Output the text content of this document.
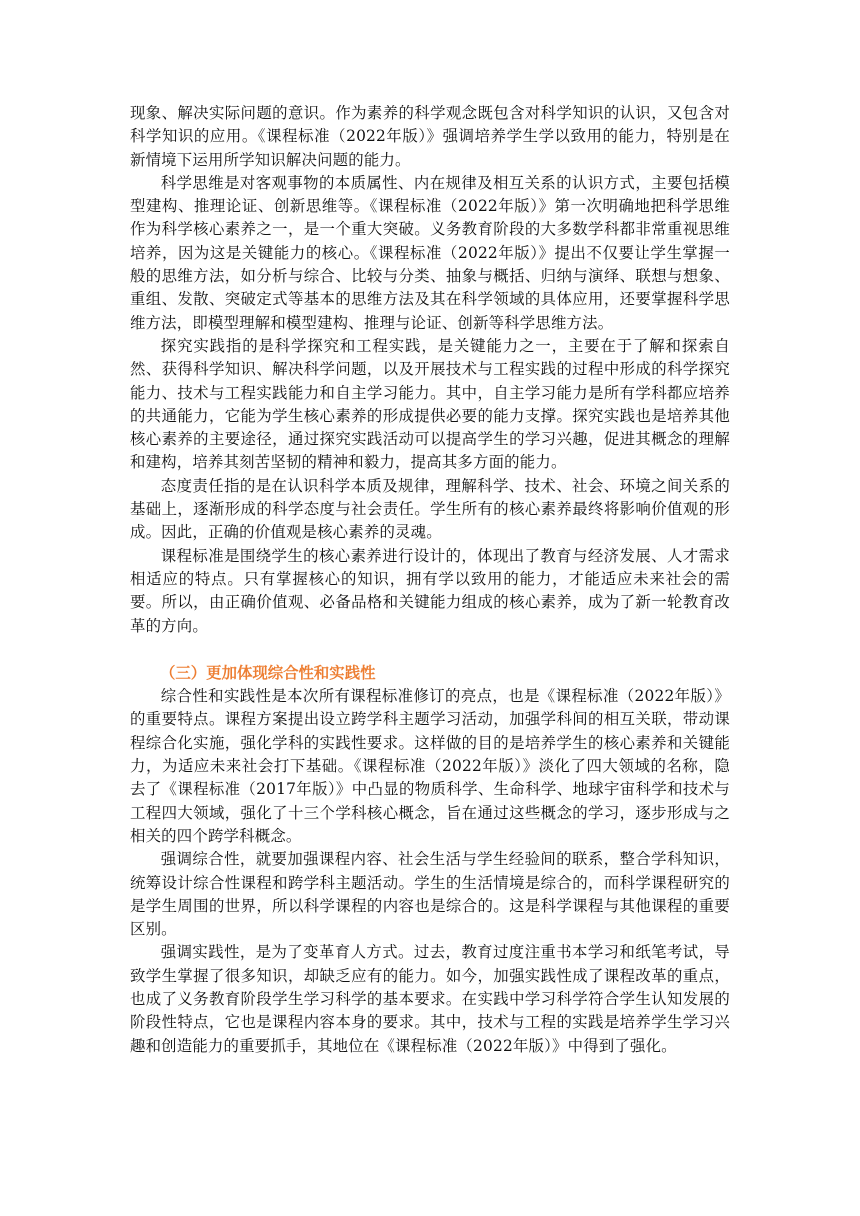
现象、解决实际问题的意识。作为素养的科学观念既包含对科学知识的认识，又包含对科学知识的应用。《课程标准（2022年版）》强调培养学生学以致用的能力，特别是在新情境下运用所学知识解决问题的能力。

科学思维是对客观事物的本质属性、内在规律及相互关系的认识方式，主要包括模型建构、推理论证、创新思维等。《课程标准（2022年版）》第一次明确地把科学思维作为科学核心素养之一，是一个重大突破。义务教育阶段的大多数学科都非常重视思维培养，因为这是关键能力的核心。《课程标准（2022年版）》提出不仅要让学生掌握一般的思维方法，如分析与综合、比较与分类、抽象与概括、归纳与演绎、联想与想象、重组、发散、突破定式等基本的思维方法及其在科学领域的具体应用，还要掌握科学思维方法，即模型理解和模型建构、推理与论证、创新等科学思维方法。

探究实践指的是科学探究和工程实践，是关键能力之一，主要在于了解和探索自然、获得科学知识、解决科学问题，以及开展技术与工程实践的过程中形成的科学探究能力、技术与工程实践能力和自主学习能力。其中，自主学习能力是所有学科都应培养的共通能力，它能为学生核心素养的形成提供必要的能力支撑。探究实践也是培养其他核心素养的主要途径，通过探究实践活动可以提高学生的学习兴趣，促进其概念的理解和建构，培养其刻苦坚韧的精神和毅力，提高其多方面的能力。

态度责任指的是在认识科学本质及规律，理解科学、技术、社会、环境之间关系的基础上，逐渐形成的科学态度与社会责任。学生所有的核心素养最终将影响价值观的形成。因此，正确的价值观是核心素养的灵魂。

课程标准是围绕学生的核心素养进行设计的，体现出了教育与经济发展、人才需求相适应的特点。只有掌握核心的知识，拥有学以致用的能力，才能适应未来社会的需要。所以，由正确价值观、必备品格和关键能力组成的核心素养，成为了新一轮教育改革的方向。

（三）更加体现综合性和实践性

综合性和实践性是本次所有课程标准修订的亮点，也是《课程标准（2022年版）》的重要特点。课程方案提出设立跨学科主题学习活动，加强学科间的相互关联，带动课程综合化实施，强化学科的实践性要求。这样做的目的是培养学生的核心素养和关键能力，为适应未来社会打下基础。《课程标准（2022年版）》淡化了四大领域的名称，隐去了《课程标准（2017年版）》中凸显的物质科学、生命科学、地球宇宙科学和技术与工程四大领域，强化了十三个学科核心概念，旨在通过这些概念的学习，逐步形成与之相关的四个跨学科概念。

强调综合性，就要加强课程内容、社会生活与学生经验间的联系，整合学科知识，统筹设计综合性课程和跨学科主题活动。学生的生活情境是综合的，而科学课程研究的是学生周围的世界，所以科学课程的内容也是综合的。这是科学课程与其他课程的重要区别。

强调实践性，是为了变革育人方式。过去，教育过度注重书本学习和纸笔考试，导致学生掌握了很多知识，却缺乏应有的能力。如今，加强实践性成了课程改革的重点，也成了义务教育阶段学生学习科学的基本要求。在实践中学习科学符合学生认知发展的阶段性特点，它也是课程内容本身的要求。其中，技术与工程的实践是培养学生学习兴趣和创造能力的重要抓手，其地位在《课程标准（2022年版）》中得到了强化。
